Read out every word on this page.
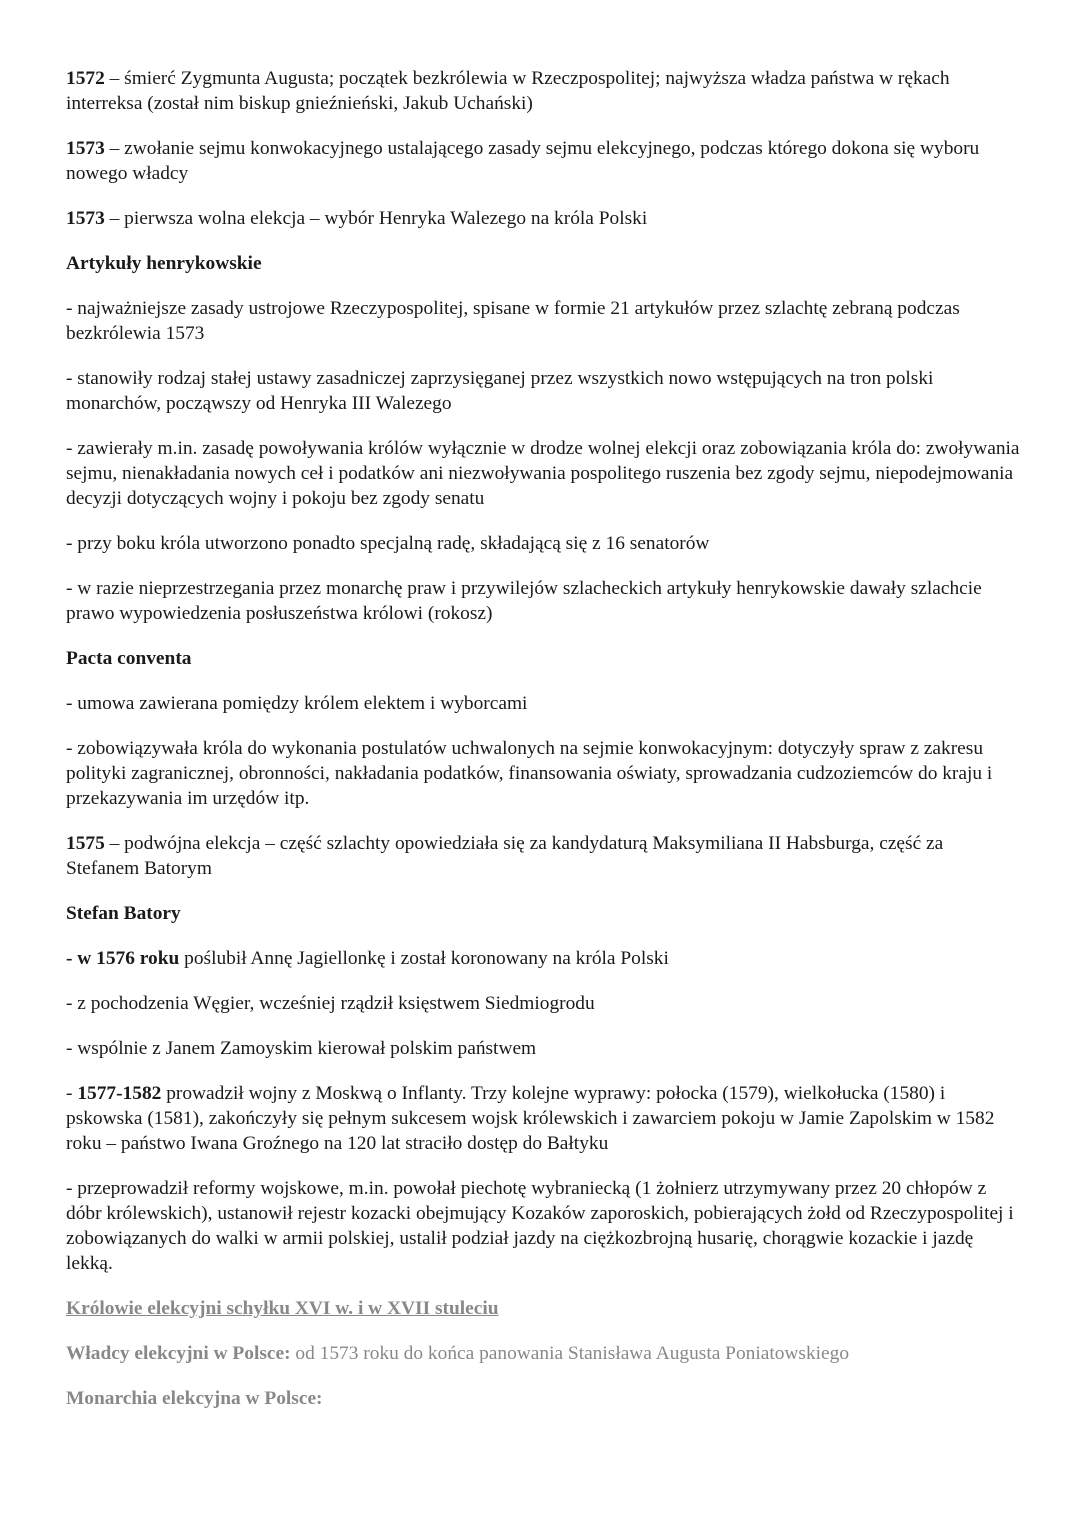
1572 – śmierć Zygmunta Augusta; początek bezkrólewia w Rzeczpospolitej; najwyższa władza państwa w rękach interreksa (został nim biskup gnieźnieński, Jakub Uchański)

1573 – zwołanie sejmu konwokacyjnego ustalającego zasady sejmu elekcyjnego, podczas którego dokona się wyboru nowego władcy

1573 – pierwsza wolna elekcja – wybór Henryka Walezego na króla Polski

Artykuły henrykowskie

- najważniejsze zasady ustrojowe Rzeczypospolitej, spisane w formie 21 artykułów przez szlachtę zebraną podczas bezkrólewia 1573

- stanowiły rodzaj stałej ustawy zasadniczej zaprzysięganej przez wszystkich nowo wstępujących na tron polski monarchów, począwszy od Henryka III Walezego

- zawierały m.in. zasadę powoływania królów wyłącznie w drodze wolnej elekcji oraz zobowiązania króla do: zwoływania sejmu, nienakładania nowych ceł i podatków ani niezwoływania pospolitego ruszenia bez zgody sejmu, niepodejmowania decyzji dotyczących wojny i pokoju bez zgody senatu

- przy boku króla utworzono ponadto specjalną radę, składającą się z 16 senatorów

- w razie nieprzestrzegania przez monarchę praw i przywilejów szlacheckich artykuły henrykowskie dawały szlachcie prawo wypowiedzenia posłuszeństwa królowi (rokosz)

Pacta conventa

- umowa zawierana pomiędzy królem elektem i wyborcami

- zobowiązywała króla do wykonania postulatów uchwalonych na sejmie konwokacyjnym: dotyczyły spraw z zakresu polityki zagranicznej, obronności, nakładania podatków, finansowania oświaty, sprowadzania cudzoziemców do kraju i przekazywania im urzędów itp.

1575 – podwójna elekcja – część szlachty opowiedziała się za kandydaturą Maksymiliana II Habsburga, część za Stefanem Batorym

Stefan Batory

- w 1576 roku poślubił Annę Jagiellonkę i został koronowany na króla Polski

- z pochodzenia Węgier, wcześniej rządził księstwem Siedmiogrodu

- wspólnie z Janem Zamoyskim kierował polskim państwem

- 1577-1582 prowadził wojny z Moskwą o Inflanty. Trzy kolejne wyprawy: połocka (1579), wielkołucka (1580) i pskowska (1581), zakończyły się pełnym sukcesem wojsk królewskich i zawarciem pokoju w Jamie Zapolskim w 1582 roku – państwo Iwana Groźnego na 120 lat straciło dostęp do Bałtyku

- przeprowadził reformy wojskowe, m.in. powołał piechotę wybraniecką (1 żołnierz utrzymywany przez 20 chłopów z dóbr królewskich), ustanowił rejestr kozacki obejmujący Kozaków zaporoskich, pobierających żołd od Rzeczypospolitej i zobowiązanych do walki w armii polskiej, ustalił podział jazdy na ciężkozbrojną husarię, chorągwie kozackie i jazdę lekką.

Królowie elekcyjni schyłku XVI w. i w XVII stuleciu

Władcy elekcyjni w Polsce: od 1573 roku do końca panowania Stanisława Augusta Poniatowskiego

Monarchia elekcyjna w Polsce:
